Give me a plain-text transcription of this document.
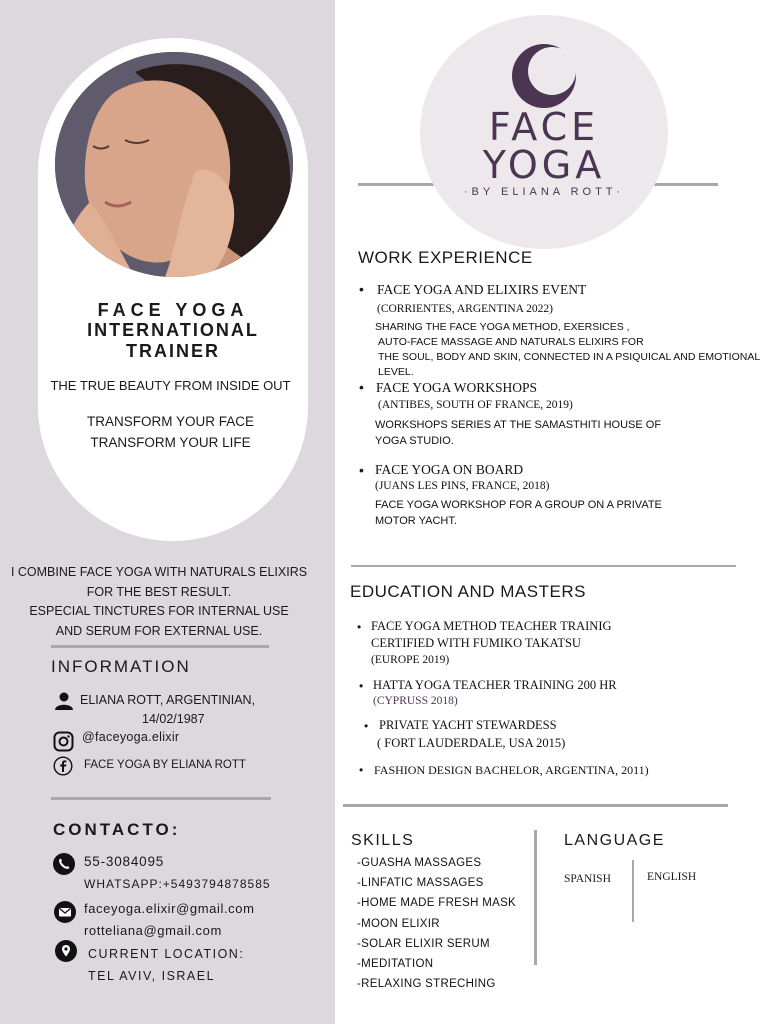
FACE YOGA
INTERNATIONAL
TRAINER
THE TRUE BEAUTY FROM INSIDE OUT
TRANSFORM YOUR FACE
TRANSFORM YOUR LIFE
I COMBINE FACE YOGA WITH NATURALS ELIXIRS
FOR THE BEST RESULT.
ESPECIAL TINCTURES FOR INTERNAL USE
AND SERUM FOR EXTERNAL USE.
INFORMATION
ELIANA ROTT, ARGENTINIAN,
14/02/1987
@faceyoga.elixir
FACE YOGA BY ELIANA ROTT
CONTACTO:
55-3084095
WHATSAPP:+5493794878585
faceyoga.elixir@gmail.com
rotteliana@gmail.com
CURRENT LOCATION:
TEL AVIV, ISRAEL
FACE
YOGA
·BY ELIANA ROTT·
WORK EXPERIENCE
• FACE YOGA AND ELIXIRS EVENT
(CORRIENTES, ARGENTINA 2022)
SHARING THE FACE YOGA METHOD, EXERSICES ,
AUTO-FACE MASSAGE AND NATURALS ELIXIRS FOR
THE SOUL, BODY AND SKIN, CONNECTED IN A PSIQUICAL AND EMOTIONAL LEVEL.
• FACE YOGA WORKSHOPS
(ANTIBES, SOUTH OF FRANCE, 2019)
WORKSHOPS SERIES AT THE SAMASTHITI HOUSE OF
YOGA STUDIO.
• FACE YOGA ON BOARD
(JUANS LES PINS, FRANCE, 2018)
FACE YOGA WORKSHOP FOR A GROUP ON A PRIVATE
MOTOR YACHT.
EDUCATION AND MASTERS
• FACE YOGA METHOD TEACHER TRAINIG
CERTIFIED WITH FUMIKO TAKATSU
(EUROPE 2019)
• HATTA YOGA TEACHER TRAINING 200 HR
(CYPRUSS 2018)
• PRIVATE YACHT STEWARDESS
( FORT LAUDERDALE, USA 2015)
• FASHION DESIGN BACHELOR, ARGENTINA, 2011)
SKILLS
-GUASHA MASSAGES
-LINFATIC MASSAGES
-HOME MADE FRESH MASK
-MOON ELIXIR
-SOLAR ELIXIR SERUM
-MEDITATION
-RELAXING STRECHING
LANGUAGE
SPANISH	ENGLISH
